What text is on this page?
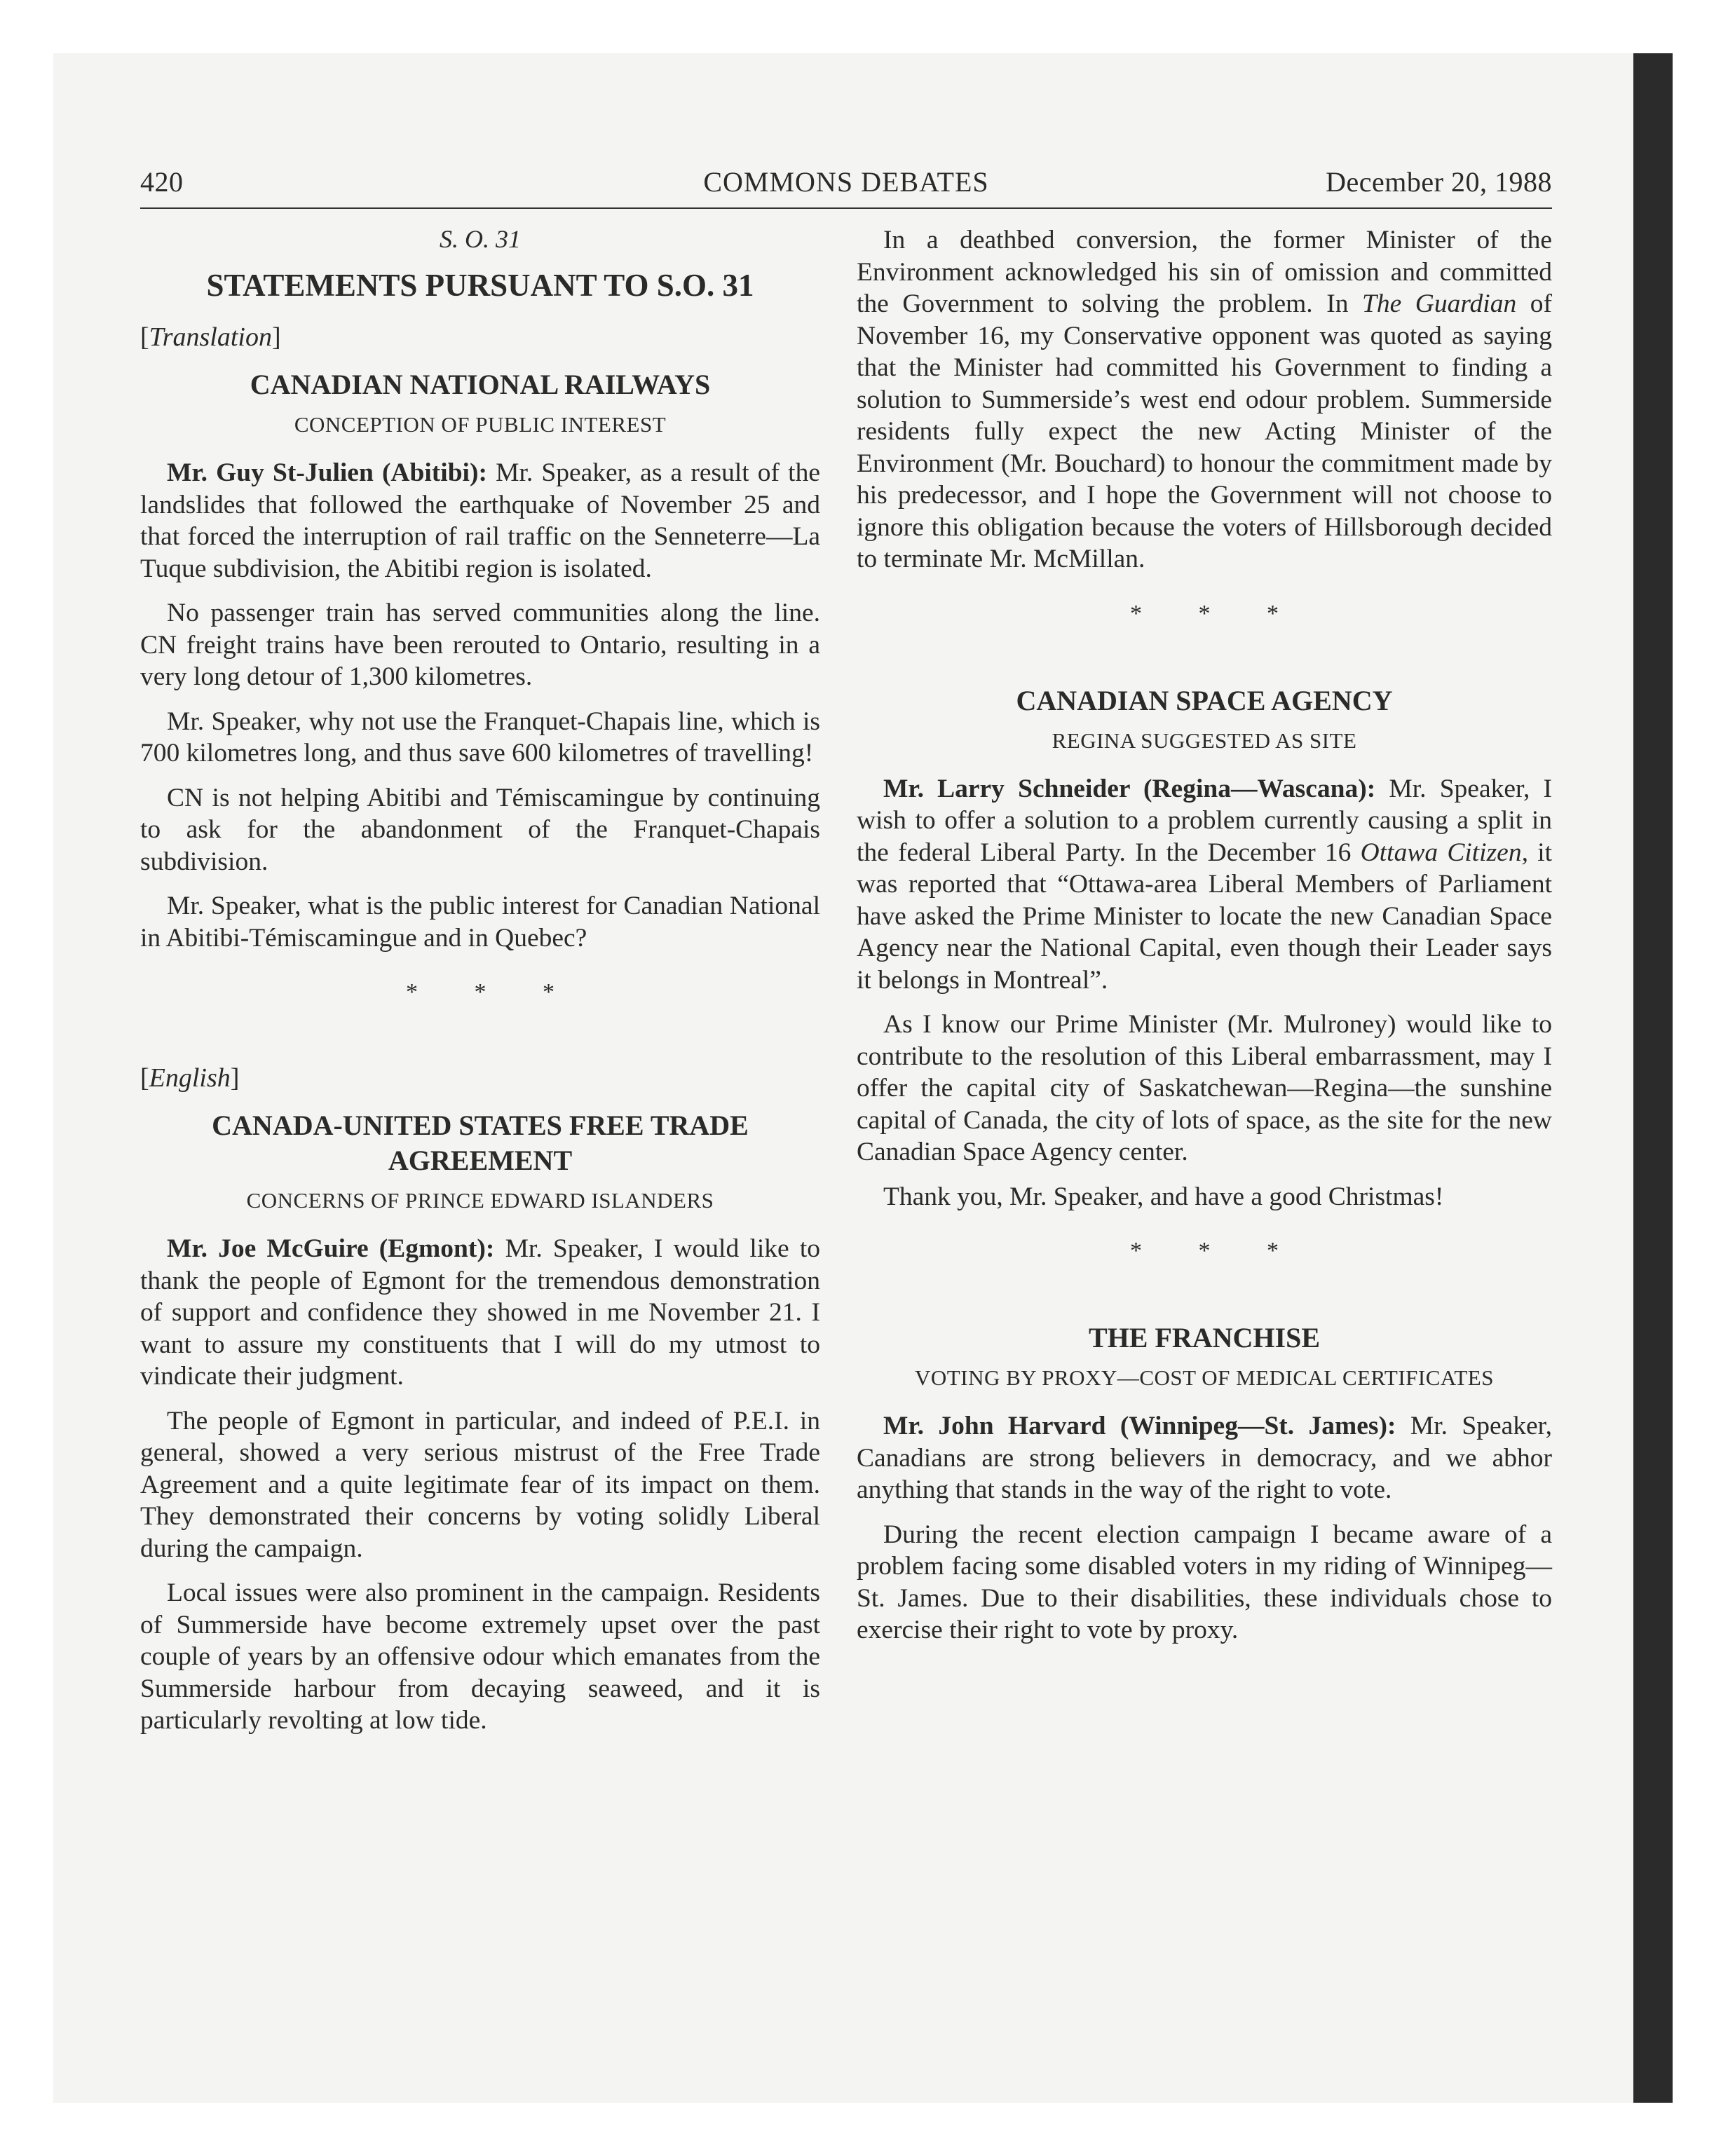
420	COMMONS DEBATES	December 20, 1988
S. O. 31
STATEMENTS PURSUANT TO S.O. 31
[Translation]
CANADIAN NATIONAL RAILWAYS
CONCEPTION OF PUBLIC INTEREST

Mr. Guy St-Julien (Abitibi): Mr. Speaker, as a result of the landslides that followed the earthquake of November 25 and that forced the interruption of rail traffic on the Senneterre—La Tuque subdivision, the Abitibi region is isolated.

No passenger train has served communities along the line. CN freight trains have been rerouted to Ontario, resulting in a very long detour of 1,300 kilometres.

Mr. Speaker, why not use the Franquet-Chapais line, which is 700 kilometres long, and thus save 600 kilometres of travelling!

CN is not helping Abitibi and Témiscamingue by continuing to ask for the abandonment of the Franquet-Chapais subdivision.

Mr. Speaker, what is the public interest for Canadian National in Abitibi-Témiscamingue and in Quebec?

* * *
[English]
CANADA-UNITED STATES FREE TRADE
AGREEMENT
CONCERNS OF PRINCE EDWARD ISLANDERS

Mr. Joe McGuire (Egmont): Mr. Speaker, I would like to thank the people of Egmont for the tremendous demonstration of support and confidence they showed in me November 21. I want to assure my constituents that I will do my utmost to vindicate their judgment.

The people of Egmont in particular, and indeed of P.E.I. in general, showed a very serious mistrust of the Free Trade Agreement and a quite legitimate fear of its impact on them. They demonstrated their concerns by voting solidly Liberal during the campaign.

Local issues were also prominent in the campaign. Residents of Summerside have become extremely upset over the past couple of years by an offensive odour which emanates from the Summerside harbour from decaying seaweed, and it is particularly revolting at low tide.

In a deathbed conversion, the former Minister of the Environment acknowledged his sin of omission and committed the Government to solving the problem. In The Guardian of November 16, my Conservative opponent was quoted as saying that the Minister had committed his Government to finding a solution to Summerside’s west end odour problem. Summerside residents fully expect the new Acting Minister of the Environment (Mr. Bouchard) to honour the commitment made by his predecessor, and I hope the Government will not choose to ignore this obligation because the voters of Hillsborough decided to terminate Mr. McMillan.

* * *
CANADIAN SPACE AGENCY
REGINA SUGGESTED AS SITE

Mr. Larry Schneider (Regina—Wascana): Mr. Speaker, I wish to offer a solution to a problem currently causing a split in the federal Liberal Party. In the December 16 Ottawa Citizen, it was reported that “Ottawa-area Liberal Members of Parliament have asked the Prime Minister to locate the new Canadian Space Agency near the National Capital, even though their Leader says it belongs in Montreal”.

As I know our Prime Minister (Mr. Mulroney) would like to contribute to the resolution of this Liberal embarrassment, may I offer the capital city of Saskatchewan—Regina—the sunshine capital of Canada, the city of lots of space, as the site for the new Canadian Space Agency center.

Thank you, Mr. Speaker, and have a good Christmas!

* * *
THE FRANCHISE
VOTING BY PROXY—COST OF MEDICAL CERTIFICATES

Mr. John Harvard (Winnipeg—St. James): Mr. Speaker, Canadians are strong believers in democracy, and we abhor anything that stands in the way of the right to vote.

During the recent election campaign I became aware of a problem facing some disabled voters in my riding of Winnipeg—St. James. Due to their disabilities, these individuals chose to exercise their right to vote by proxy.
